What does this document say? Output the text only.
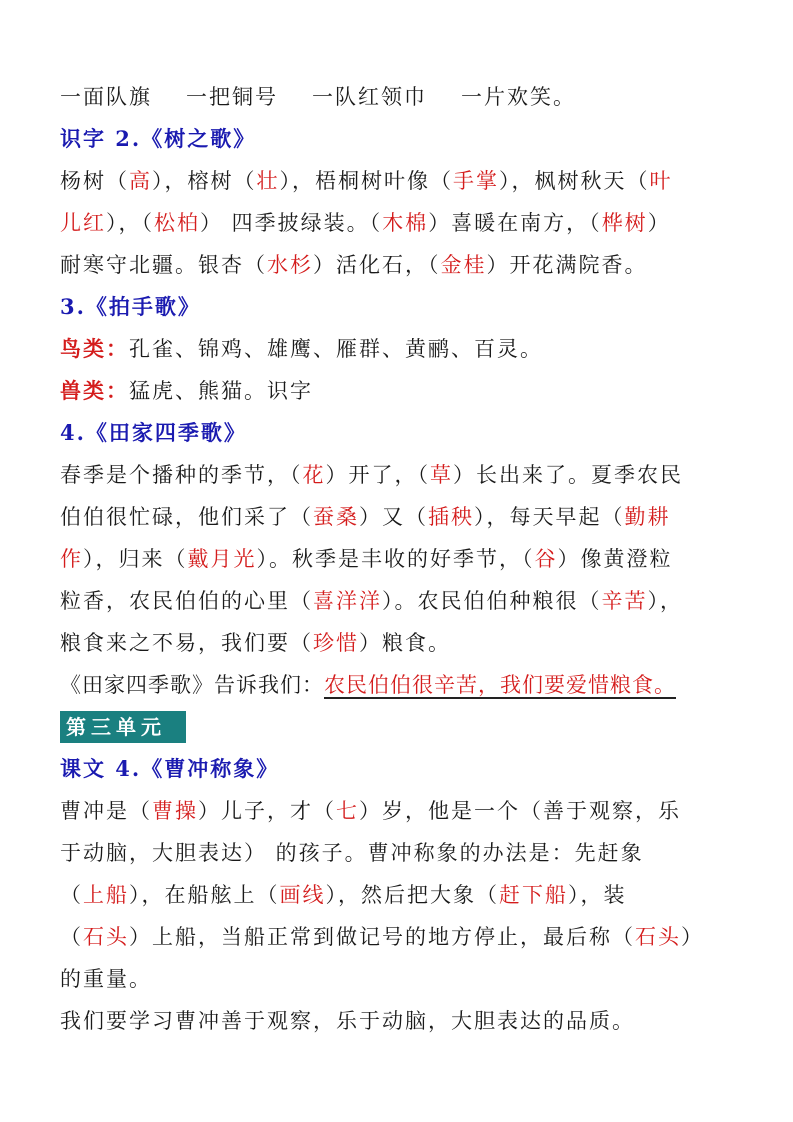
一面队旗 一把铜号 一队红领巾 一片欢笑。
识字 2.《树之歌》
杨树（高），榕树（壮），梧桐树叶像（手掌），枫树秋天（叶
儿红），（松柏） 四季披绿装。（木棉）喜暖在南方，（桦树）
耐寒守北疆。银杏（水杉）活化石，（金桂）开花满院香。
3.《拍手歌》
鸟类：孔雀、锦鸡、雄鹰、雁群、黄鹂、百灵。
兽类：猛虎、熊猫。识字
4.《田家四季歌》
春季是个播种的季节，（花）开了，（草）长出来了。夏季农民
伯伯很忙碌，他们采了（蚕桑）又（插秧），每天早起（勤耕
作），归来（戴月光）。秋季是丰收的好季节，（谷）像黄澄粒
粒香，农民伯伯的心里（喜洋洋）。农民伯伯种粮很（辛苦），
粮食来之不易，我们要（珍惜）粮食。
《田家四季歌》告诉我们：农民伯伯很辛苦，我们要爱惜粮食。
第三单元
课文 4.《曹冲称象》
曹冲是（曹操）儿子，才（七）岁，他是一个（善于观察，乐
于动脑，大胆表达） 的孩子。曹冲称象的办法是：先赶象
（上船），在船舷上（画线），然后把大象（赶下船），装
（石头）上船，当船正常到做记号的地方停止，最后称（石头）
的重量。
我们要学习曹冲善于观察，乐于动脑，大胆表达的品质。
